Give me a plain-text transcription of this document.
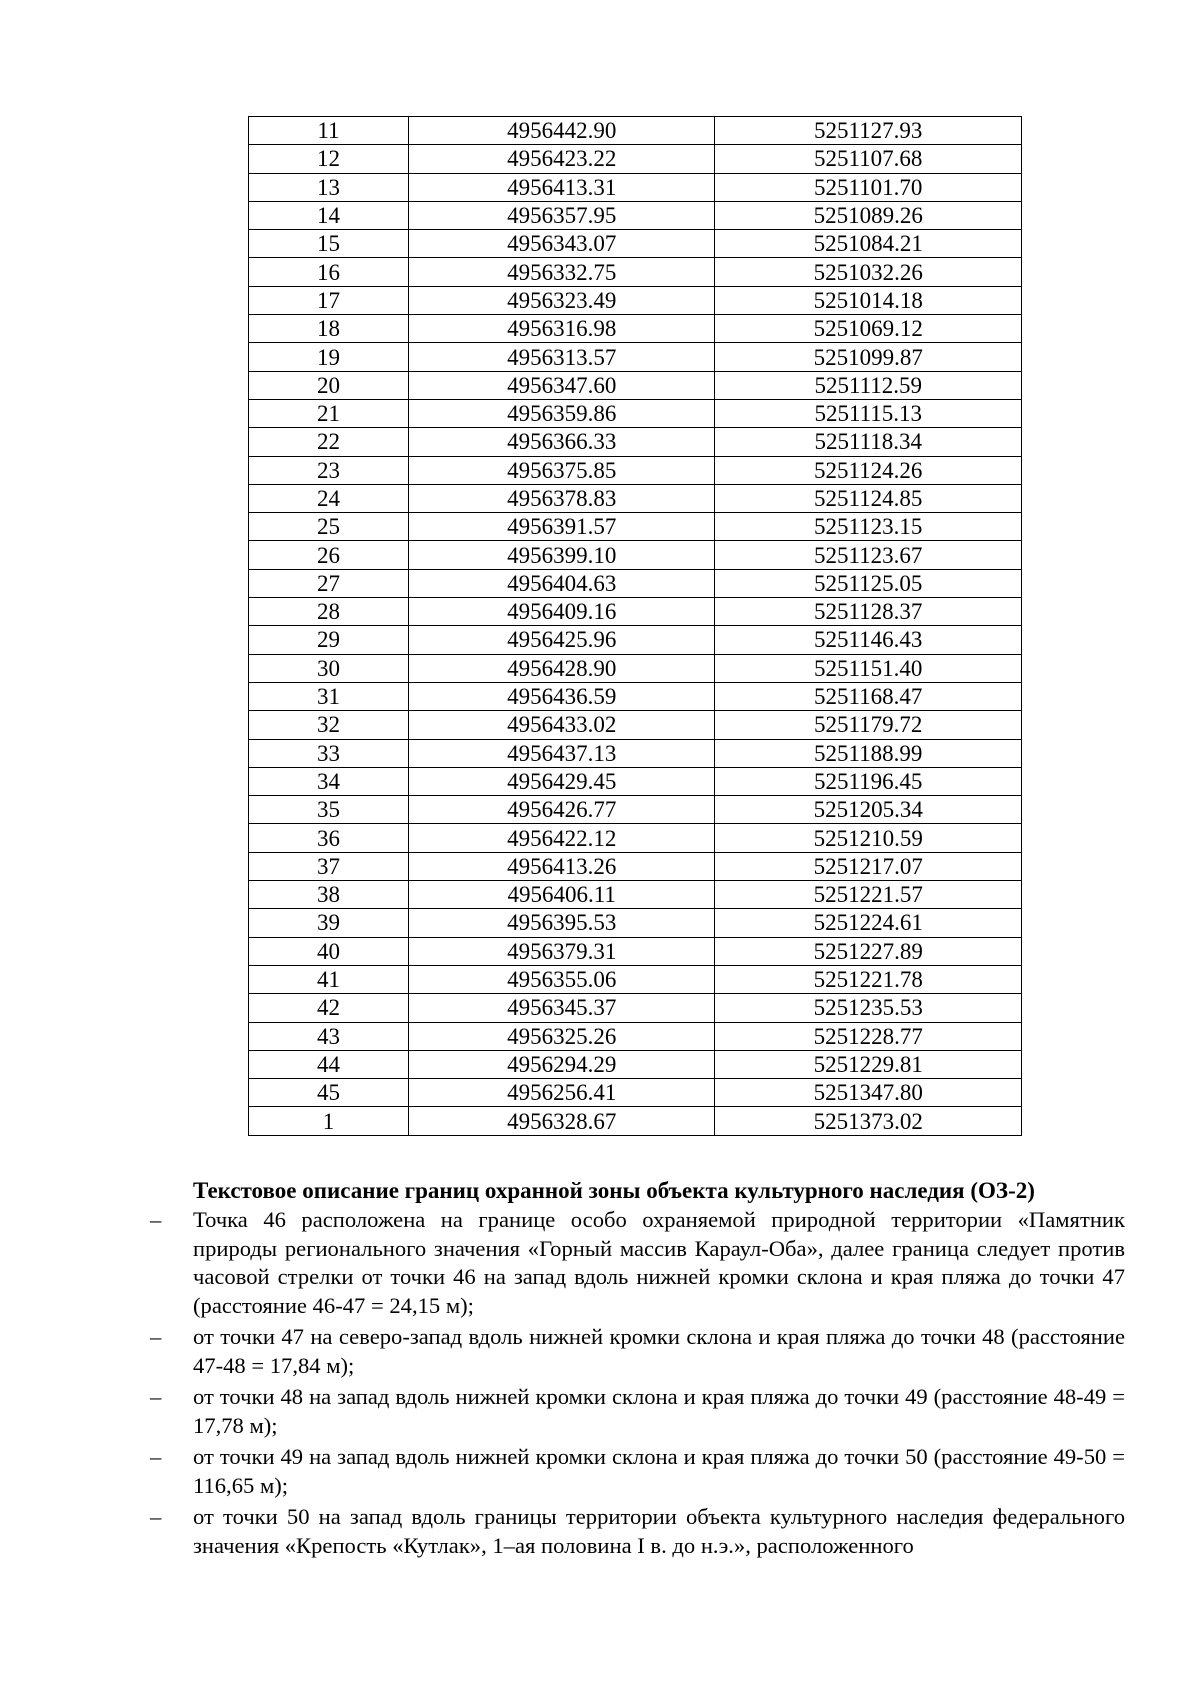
11	4956442.90	5251127.93
12	4956423.22	5251107.68
13	4956413.31	5251101.70
14	4956357.95	5251089.26
15	4956343.07	5251084.21
16	4956332.75	5251032.26
17	4956323.49	5251014.18
18	4956316.98	5251069.12
19	4956313.57	5251099.87
20	4956347.60	5251112.59
21	4956359.86	5251115.13
22	4956366.33	5251118.34
23	4956375.85	5251124.26
24	4956378.83	5251124.85
25	4956391.57	5251123.15
26	4956399.10	5251123.67
27	4956404.63	5251125.05
28	4956409.16	5251128.37
29	4956425.96	5251146.43
30	4956428.90	5251151.40
31	4956436.59	5251168.47
32	4956433.02	5251179.72
33	4956437.13	5251188.99
34	4956429.45	5251196.45
35	4956426.77	5251205.34
36	4956422.12	5251210.59
37	4956413.26	5251217.07
38	4956406.11	5251221.57
39	4956395.53	5251224.61
40	4956379.31	5251227.89
41	4956355.06	5251221.78
42	4956345.37	5251235.53
43	4956325.26	5251228.77
44	4956294.29	5251229.81
45	4956256.41	5251347.80
1	4956328.67	5251373.02
Текстовое описание границ охранной зоны объекта культурного наследия (ОЗ-2)
– Точка 46 расположена на границе особо охраняемой природной территории «Памятник природы регионального значения «Горный массив Караул-Оба», далее граница следует против часовой стрелки от точки 46 на запад вдоль нижней кромки склона и края пляжа до точки 47 (расстояние 46-47 = 24,15 м);
– от точки 47 на северо-запад вдоль нижней кромки склона и края пляжа до точки 48 (расстояние 47-48 = 17,84 м);
– от точки 48 на запад вдоль нижней кромки склона и края пляжа до точки 49 (расстояние 48-49 = 17,78 м);
– от точки 49 на запад вдоль нижней кромки склона и края пляжа до точки 50 (расстояние 49-50 = 116,65 м);
– от точки 50 на запад вдоль границы территории объекта культурного наследия федерального значения «Крепость «Кутлак», 1–ая половина I в. до н.э.», расположенного
